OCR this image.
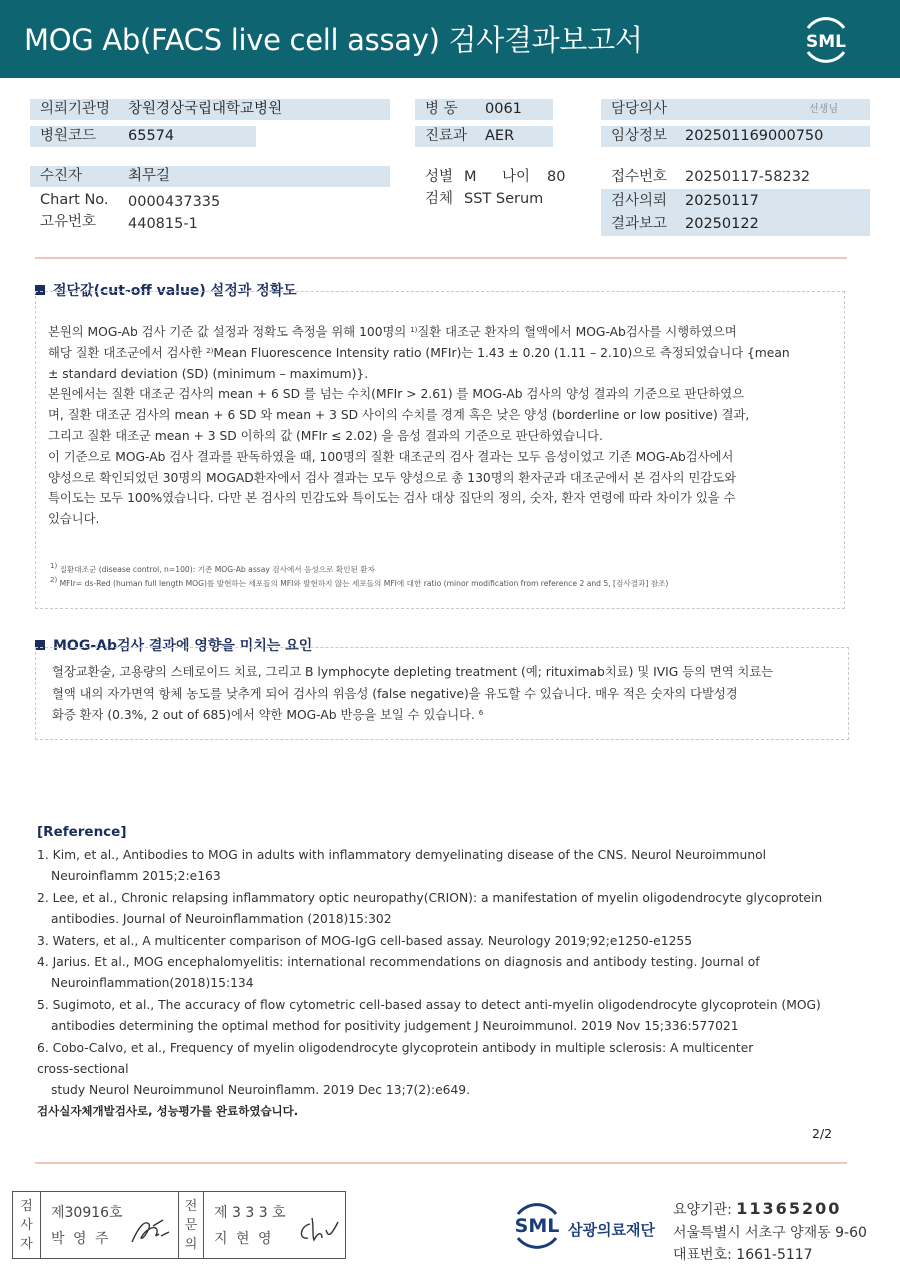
MOG Ab(FACS live cell assay) 검사결과보고서	SML
의뢰기관명 창원경상국립대학교병원
병원코드 65574
병 동 0061
진료과 AER
담당의사	선생님
임상정보 202501169000750
수진자	최무길
Chart No. 0000437335
고유번호 440815-1
성별 M 나이 80
검체 SST Serum
접수번호 20250117-58232
검사의뢰 20250117
결과보고 20250122
절단값(cut-off value) 설정과 정확도

본원의 MOG-Ab 검사 기준 값 설정과 정확도 측정을 위해 100명의 $^{1)}$질환 대조군 환자의 혈액에서 MOG-Ab검사를 시행하였으며

해당 질환 대조군에서 검사한 $^{2)}$Mean Fluorescence Intensity ratio (MFIr)는 1.43 ± 0.20 (1.11 – 2.10)으로 측정되었습니다 {mean

± standard deviation (SD) (minimum – maximum)}.

본원에서는 질환 대조군 검사의 mean + 6 SD 를 넘는 수치(MFIr > 2.61) 를 MOG-Ab 검사의 양성 결과의 기준으로 판단하였으

며, 질환 대조군 검사의 mean + 6 SD 와 mean + 3 SD 사이의 수치를 경계 혹은 낮은 양성 (borderline or low positive) 결과,

그리고 질환 대조군 mean + 3 SD 이하의 값 (MFIr ≤ 2.02) 을 음성 결과의 기준으로 판단하였습니다.

이 기준으로 MOG-Ab 검사 결과를 판독하였을 때, 100명의 질환 대조군의 검사 결과는 모두 음성이었고 기존 MOG-Ab검사에서

양성으로 확인되었던 30명의 MOGAD환자에서 검사 결과는 모두 양성으로 총 130명의 환자군과 대조군에서 본 검사의 민감도와

특이도는 모두 100%였습니다. 다만 본 검사의 민감도와 특이도는 검사 대상 집단의 정의, 숫자, 환자 연령에 따라 차이가 있을 수

있습니다.

$^{1)}$ 질환대조군 (disease control, n=100): 기존 MOG-Ab assay 검사에서 음성으로 확인된 환자
$^{2)}$ MFIr= ds-Red (human full length MOG)를 발현하는 세포들의 MFI와 발현하지 않는 세포들의 MFI에 대한 ratio (minor modification from reference 2 and 5, [검사결과] 참조)
MOG-Ab검사 결과에 영향을 미치는 요인

혈장교환술, 고용량의 스테로이드 치료, 그리고 B lymphocyte depleting treatment (예; rituximab치료) 및 IVIG 등의 면역 치료는

혈액 내의 자가면역 항체 농도를 낮추게 되어 검사의 위음성 (false negative)을 유도할 수 있습니다. 매우 적은 숫자의 다발성경

화증 환자 (0.3%, 2 out of 685)에서 약한 MOG-Ab 반응을 보일 수 있습니다. $^6$

[Reference]
1. Kim, et al., Antibodies to MOG in adults with inflammatory demyelinating disease of the CNS. Neurol Neuroimmunol
Neuroinflamm 2015;2:e163
2. Lee, et al., Chronic relapsing inflammatory optic neuropathy(CRION): a manifestation of myelin oligodendrocyte glycoprotein
antibodies. Journal of Neuroinflammation (2018)15:302
3. Waters, et al., A multicenter comparison of MOG-IgG cell-based assay. Neurology 2019;92;e1250-e1255
4. Jarius. Et al., MOG encephalomyelitis: international recommendations on diagnosis and antibody testing. Journal of
Neuroinflammation(2018)15:134
5. Sugimoto, et al., The accuracy of flow cytometric cell-based assay to detect anti-myelin oligodendrocyte glycoprotein (MOG)
antibodies determining the optimal method for positivity judgement J Neuroimmunol. 2019 Nov 15;336:577021
6. Cobo-Calvo, et al., Frequency of myelin oligodendrocyte glycoprotein antibody in multiple sclerosis: A multicenter
cross-sectional
study Neurol Neuroimmunol Neuroinflamm. 2019 Dec 13;7(2):e649.
검사실자체개발검사로, 성능평가를 완료하였습니다.
2/2
검
사
자
제30916호
박 영 주
전
문
의
제 3 3 3 호
지 현 영
SML 삼광의료재단
요양기관: 11365200
서울특별시 서초구 양재동 9-60
대표번호: 1661-5117
